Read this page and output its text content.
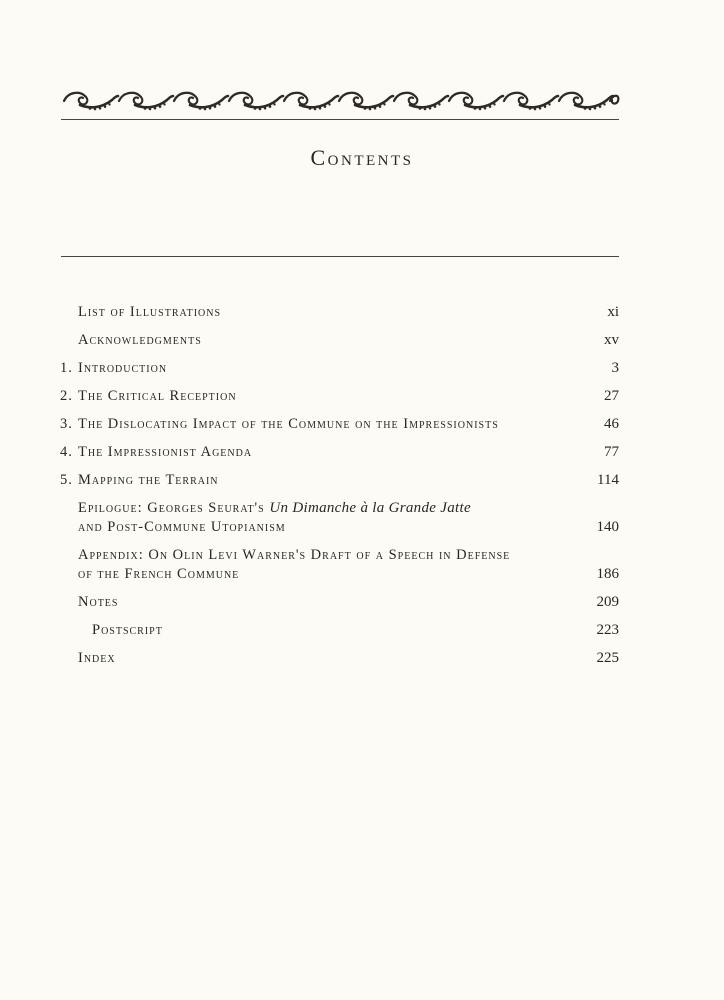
Contents
List of Illustrations	xi
Acknowledgments	xv
1. Introduction	3
2. The Critical Reception	27
3. The Dislocating Impact of the Commune on the Impressionists	46
4. The Impressionist Agenda	77
5. Mapping the Terrain	114
Epilogue: Georges Seurat's Un Dimanche à la Grande Jatte
and Post-Commune Utopianism	140
Appendix: On Olin Levi Warner's Draft of a Speech in Defense
of the French Commune	186
Notes	209
Postscript	223
Index	225
